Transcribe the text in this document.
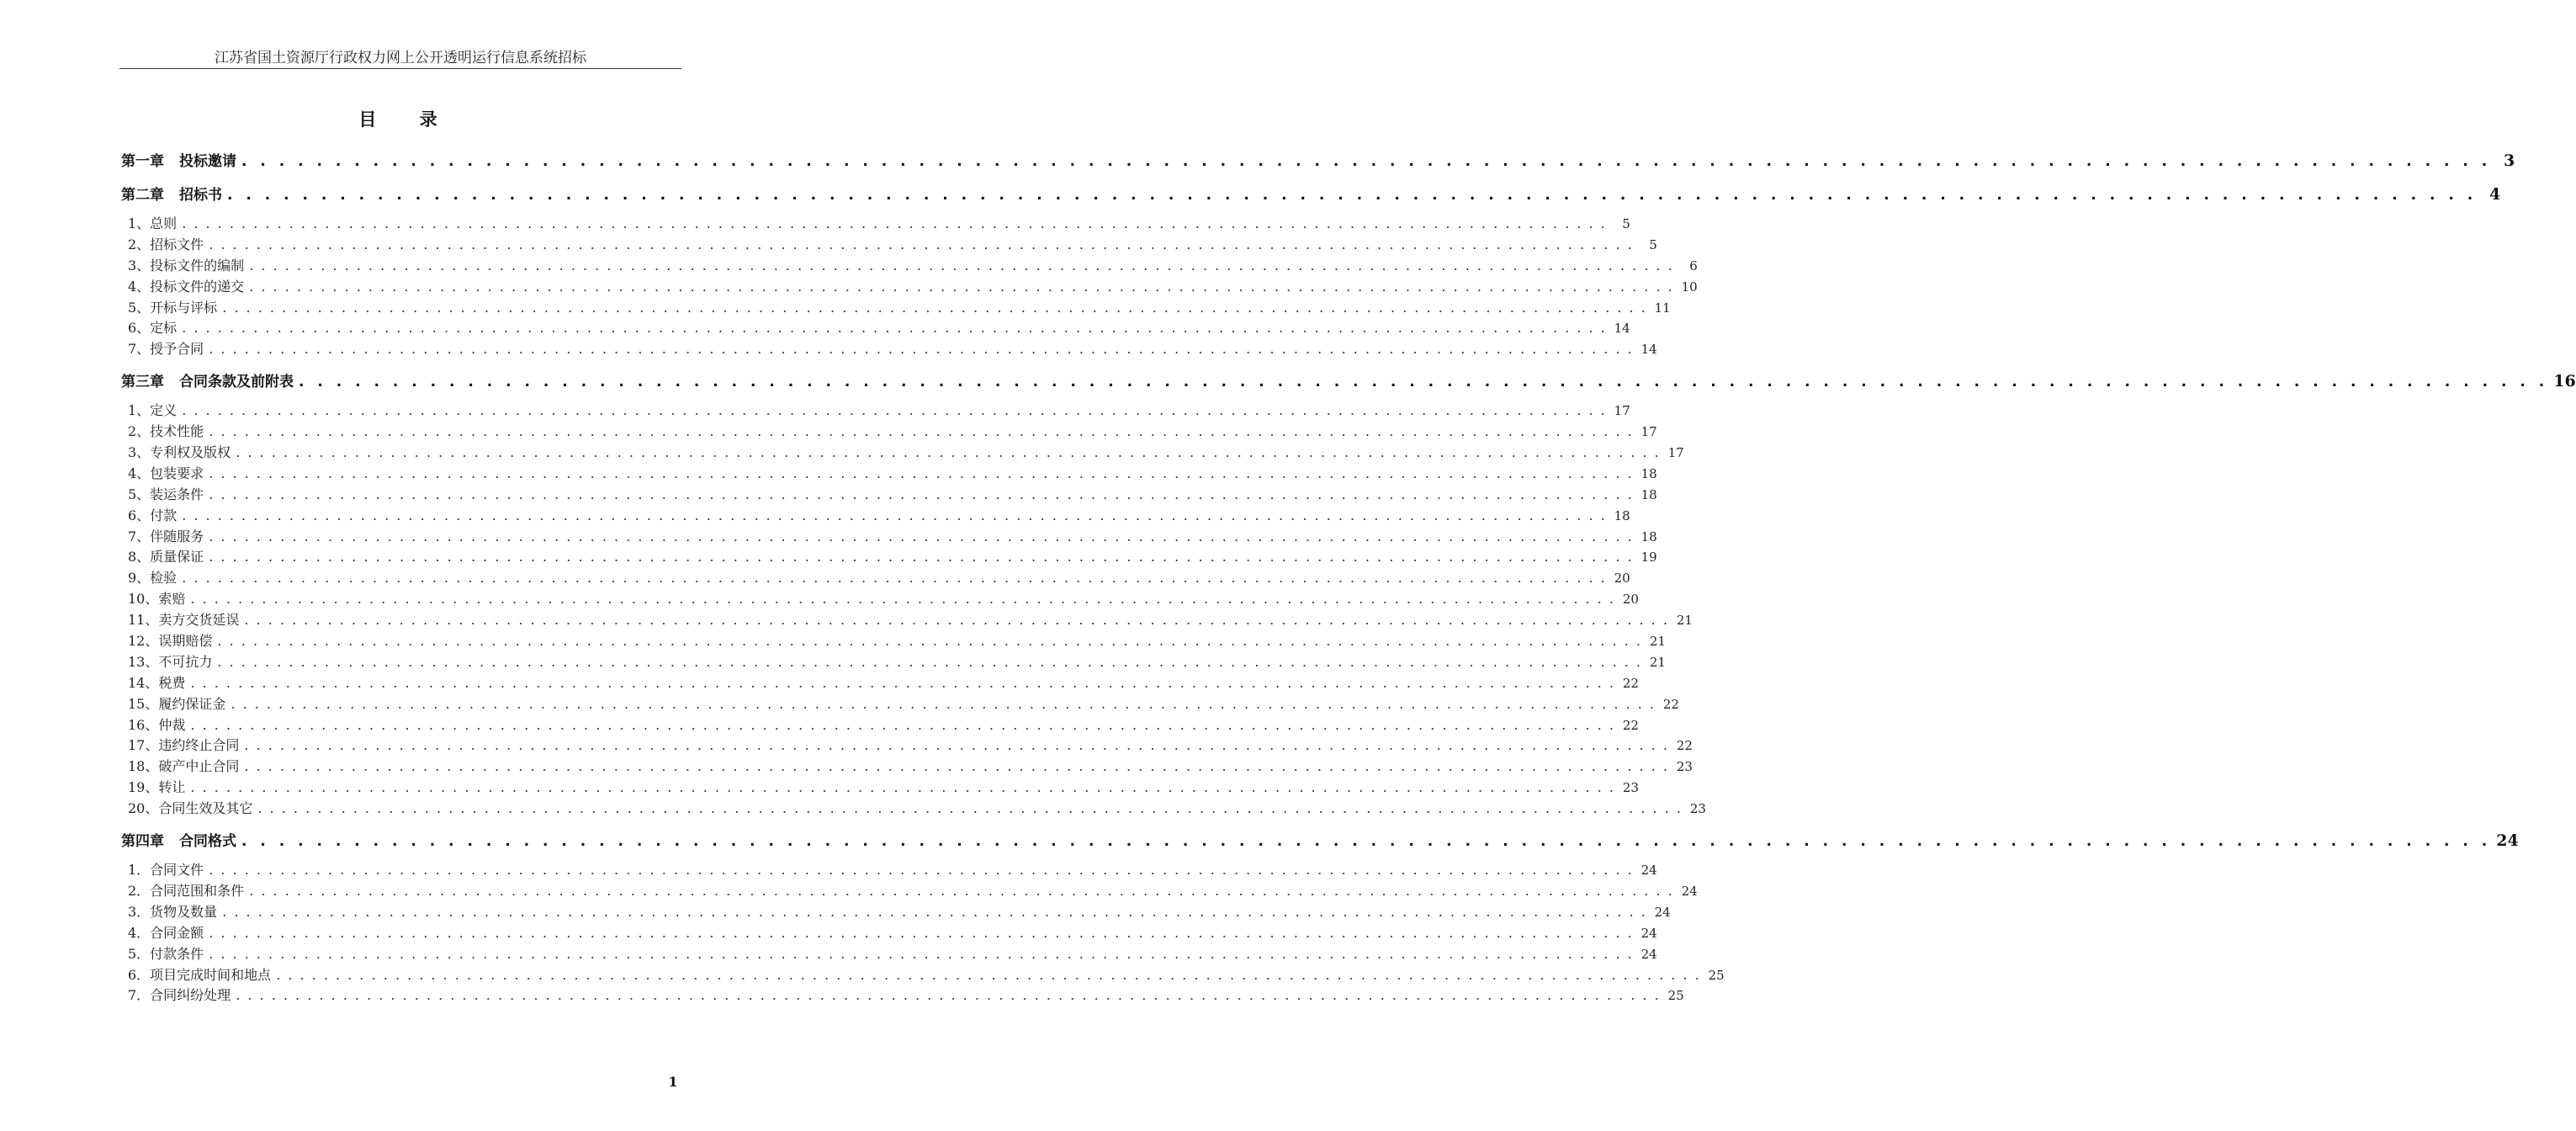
江苏省国土资源厅行政权力网上公开透明运行信息系统招标
目 录
第一章 投标邀请 . . . . . . . . . . . . . . . . . . . . . . . . . . . . . . . . . . . . . . . . . . . . . . . . . . . . . . . . . . . . . . . . . . . . . . . . . . . . . . . . . . . . . . . . . . . . . . . . . . . . . . . . . . . . . . . . . . . . . . . . 3
第二章 招标书 . . . . . . . . . . . . . . . . . . . . . . . . . . . . . . . . . . . . . . . . . . . . . . . . . . . . . . . . . . . . . . . . . . . . . . . . . . . . . . . . . . . . . . . . . . . . . . . . . . . . . . . . . . . . . . . . . . . . . . . . 4
1、总则 . . . . . . . . . . . . . . . . . . . . . . . . . . . . . . . . . . . . . . . . . . . . . . . . . . . . . . . . . . . . . . . . . . . . . . . . . . . . . . . . . . . . . . . . . . . . . . . . . . . . . . . . . . . . . . . . . . . . . . . .	5
2、招标文件 . . . . . . . . . . . . . . . . . . . . . . . . . . . . . . . . . . . . . . . . . . . . . . . . . . . . . . . . . . . . . . . . . . . . . . . . . . . . . . . . . . . . . . . . . . . . . . . . . . . . . . . . . . . . . . . . . . . . . . . .	5
3、投标文件的编制 . . . . . . . . . . . . . . . . . . . . . . . . . . . . . . . . . . . . . . . . . . . . . . . . . . . . . . . . . . . . . . . . . . . . . . . . . . . . . . . . . . . . . . . . . . . . . . . . . . . . . . . . . . . . . . . . . . . . . . . .	6
4、投标文件的递交 . . . . . . . . . . . . . . . . . . . . . . . . . . . . . . . . . . . . . . . . . . . . . . . . . . . . . . . . . . . . . . . . . . . . . . . . . . . . . . . . . . . . . . . . . . . . . . . . . . . . . . . . . . . . . . . . . . . . . . . . 10
5、开标与评标 . . . . . . . . . . . . . . . . . . . . . . . . . . . . . . . . . . . . . . . . . . . . . . . . . . . . . . . . . . . . . . . . . . . . . . . . . . . . . . . . . . . . . . . . . . . . . . . . . . . . . . . . . . . . . . . . . . . . . . . . 11
6、定标 . . . . . . . . . . . . . . . . . . . . . . . . . . . . . . . . . . . . . . . . . . . . . . . . . . . . . . . . . . . . . . . . . . . . . . . . . . . . . . . . . . . . . . . . . . . . . . . . . . . . . . . . . . . . . . . . . . . . . . . . 14
7、授予合同 . . . . . . . . . . . . . . . . . . . . . . . . . . . . . . . . . . . . . . . . . . . . . . . . . . . . . . . . . . . . . . . . . . . . . . . . . . . . . . . . . . . . . . . . . . . . . . . . . . . . . . . . . . . . . . . . . . . . . . . . 14
第三章 合同条款及前附表 . . . . . . . . . . . . . . . . . . . . . . . . . . . . . . . . . . . . . . . . . . . . . . . . . . . . . . . . . . . . . . . . . . . . . . . . . . . . . . . . . . . . . . . . . . . . . . . . . . . . . . . . . . . . . . . . . . . . . . . . 16
1、定义 . . . . . . . . . . . . . . . . . . . . . . . . . . . . . . . . . . . . . . . . . . . . . . . . . . . . . . . . . . . . . . . . . . . . . . . . . . . . . . . . . . . . . . . . . . . . . . . . . . . . . . . . . . . . . . . . . . . . . . . . 17
2、技术性能 . . . . . . . . . . . . . . . . . . . . . . . . . . . . . . . . . . . . . . . . . . . . . . . . . . . . . . . . . . . . . . . . . . . . . . . . . . . . . . . . . . . . . . . . . . . . . . . . . . . . . . . . . . . . . . . . . . . . . . . . 17
3、专利权及版权 . . . . . . . . . . . . . . . . . . . . . . . . . . . . . . . . . . . . . . . . . . . . . . . . . . . . . . . . . . . . . . . . . . . . . . . . . . . . . . . . . . . . . . . . . . . . . . . . . . . . . . . . . . . . . . . . . . . . . . . . 17
4、包装要求 . . . . . . . . . . . . . . . . . . . . . . . . . . . . . . . . . . . . . . . . . . . . . . . . . . . . . . . . . . . . . . . . . . . . . . . . . . . . . . . . . . . . . . . . . . . . . . . . . . . . . . . . . . . . . . . . . . . . . . . . 18
5、装运条件 . . . . . . . . . . . . . . . . . . . . . . . . . . . . . . . . . . . . . . . . . . . . . . . . . . . . . . . . . . . . . . . . . . . . . . . . . . . . . . . . . . . . . . . . . . . . . . . . . . . . . . . . . . . . . . . . . . . . . . . . 18
6、付款 . . . . . . . . . . . . . . . . . . . . . . . . . . . . . . . . . . . . . . . . . . . . . . . . . . . . . . . . . . . . . . . . . . . . . . . . . . . . . . . . . . . . . . . . . . . . . . . . . . . . . . . . . . . . . . . . . . . . . . . . 18
7、伴随服务 . . . . . . . . . . . . . . . . . . . . . . . . . . . . . . . . . . . . . . . . . . . . . . . . . . . . . . . . . . . . . . . . . . . . . . . . . . . . . . . . . . . . . . . . . . . . . . . . . . . . . . . . . . . . . . . . . . . . . . . . 18
8、质量保证 . . . . . . . . . . . . . . . . . . . . . . . . . . . . . . . . . . . . . . . . . . . . . . . . . . . . . . . . . . . . . . . . . . . . . . . . . . . . . . . . . . . . . . . . . . . . . . . . . . . . . . . . . . . . . . . . . . . . . . . . 19
9、检验 . . . . . . . . . . . . . . . . . . . . . . . . . . . . . . . . . . . . . . . . . . . . . . . . . . . . . . . . . . . . . . . . . . . . . . . . . . . . . . . . . . . . . . . . . . . . . . . . . . . . . . . . . . . . . . . . . . . . . . . . 20
10、索赔 . . . . . . . . . . . . . . . . . . . . . . . . . . . . . . . . . . . . . . . . . . . . . . . . . . . . . . . . . . . . . . . . . . . . . . . . . . . . . . . . . . . . . . . . . . . . . . . . . . . . . . . . . . . . . . . . . . . . . . . . 20
11、卖方交货延误 . . . . . . . . . . . . . . . . . . . . . . . . . . . . . . . . . . . . . . . . . . . . . . . . . . . . . . . . . . . . . . . . . . . . . . . . . . . . . . . . . . . . . . . . . . . . . . . . . . . . . . . . . . . . . . . . . . . . . . . . 21
12、误期赔偿 . . . . . . . . . . . . . . . . . . . . . . . . . . . . . . . . . . . . . . . . . . . . . . . . . . . . . . . . . . . . . . . . . . . . . . . . . . . . . . . . . . . . . . . . . . . . . . . . . . . . . . . . . . . . . . . . . . . . . . . . 21
13、不可抗力 . . . . . . . . . . . . . . . . . . . . . . . . . . . . . . . . . . . . . . . . . . . . . . . . . . . . . . . . . . . . . . . . . . . . . . . . . . . . . . . . . . . . . . . . . . . . . . . . . . . . . . . . . . . . . . . . . . . . . . . . 21
14、税费 . . . . . . . . . . . . . . . . . . . . . . . . . . . . . . . . . . . . . . . . . . . . . . . . . . . . . . . . . . . . . . . . . . . . . . . . . . . . . . . . . . . . . . . . . . . . . . . . . . . . . . . . . . . . . . . . . . . . . . . . 22
15、履约保证金 . . . . . . . . . . . . . . . . . . . . . . . . . . . . . . . . . . . . . . . . . . . . . . . . . . . . . . . . . . . . . . . . . . . . . . . . . . . . . . . . . . . . . . . . . . . . . . . . . . . . . . . . . . . . . . . . . . . . . . . . 22
16、仲裁 . . . . . . . . . . . . . . . . . . . . . . . . . . . . . . . . . . . . . . . . . . . . . . . . . . . . . . . . . . . . . . . . . . . . . . . . . . . . . . . . . . . . . . . . . . . . . . . . . . . . . . . . . . . . . . . . . . . . . . . . 22
17、违约终止合同 . . . . . . . . . . . . . . . . . . . . . . . . . . . . . . . . . . . . . . . . . . . . . . . . . . . . . . . . . . . . . . . . . . . . . . . . . . . . . . . . . . . . . . . . . . . . . . . . . . . . . . . . . . . . . . . . . . . . . . . . 22
18、破产中止合同 . . . . . . . . . . . . . . . . . . . . . . . . . . . . . . . . . . . . . . . . . . . . . . . . . . . . . . . . . . . . . . . . . . . . . . . . . . . . . . . . . . . . . . . . . . . . . . . . . . . . . . . . . . . . . . . . . . . . . . . . 23
19、转让 . . . . . . . . . . . . . . . . . . . . . . . . . . . . . . . . . . . . . . . . . . . . . . . . . . . . . . . . . . . . . . . . . . . . . . . . . . . . . . . . . . . . . . . . . . . . . . . . . . . . . . . . . . . . . . . . . . . . . . . . 23
20、合同生效及其它 . . . . . . . . . . . . . . . . . . . . . . . . . . . . . . . . . . . . . . . . . . . . . . . . . . . . . . . . . . . . . . . . . . . . . . . . . . . . . . . . . . . . . . . . . . . . . . . . . . . . . . . . . . . . . . . . . . . . . . . . 23
第四章 合同格式 . . . . . . . . . . . . . . . . . . . . . . . . . . . . . . . . . . . . . . . . . . . . . . . . . . . . . . . . . . . . . . . . . . . . . . . . . . . . . . . . . . . . . . . . . . . . . . . . . . . . . . . . . . . . . . . . . . . . . . . . 24
1．合同文件 . . . . . . . . . . . . . . . . . . . . . . . . . . . . . . . . . . . . . . . . . . . . . . . . . . . . . . . . . . . . . . . . . . . . . . . . . . . . . . . . . . . . . . . . . . . . . . . . . . . . . . . . . . . . . . . . . . . . . . . . 24
2．合同范围和条件 . . . . . . . . . . . . . . . . . . . . . . . . . . . . . . . . . . . . . . . . . . . . . . . . . . . . . . . . . . . . . . . . . . . . . . . . . . . . . . . . . . . . . . . . . . . . . . . . . . . . . . . . . . . . . . . . . . . . . . . . 24
3．货物及数量 . . . . . . . . . . . . . . . . . . . . . . . . . . . . . . . . . . . . . . . . . . . . . . . . . . . . . . . . . . . . . . . . . . . . . . . . . . . . . . . . . . . . . . . . . . . . . . . . . . . . . . . . . . . . . . . . . . . . . . . . 24
4．合同金额 . . . . . . . . . . . . . . . . . . . . . . . . . . . . . . . . . . . . . . . . . . . . . . . . . . . . . . . . . . . . . . . . . . . . . . . . . . . . . . . . . . . . . . . . . . . . . . . . . . . . . . . . . . . . . . . . . . . . . . . . 24
5．付款条件 . . . . . . . . . . . . . . . . . . . . . . . . . . . . . . . . . . . . . . . . . . . . . . . . . . . . . . . . . . . . . . . . . . . . . . . . . . . . . . . . . . . . . . . . . . . . . . . . . . . . . . . . . . . . . . . . . . . . . . . . 24
6．项目完成时间和地点 . . . . . . . . . . . . . . . . . . . . . . . . . . . . . . . . . . . . . . . . . . . . . . . . . . . . . . . . . . . . . . . . . . . . . . . . . . . . . . . . . . . . . . . . . . . . . . . . . . . . . . . . . . . . . . . . . . . . . . . . 25
7．合同纠纷处理 . . . . . . . . . . . . . . . . . . . . . . . . . . . . . . . . . . . . . . . . . . . . . . . . . . . . . . . . . . . . . . . . . . . . . . . . . . . . . . . . . . . . . . . . . . . . . . . . . . . . . . . . . . . . . . . . . . . . . . . . 25
1
